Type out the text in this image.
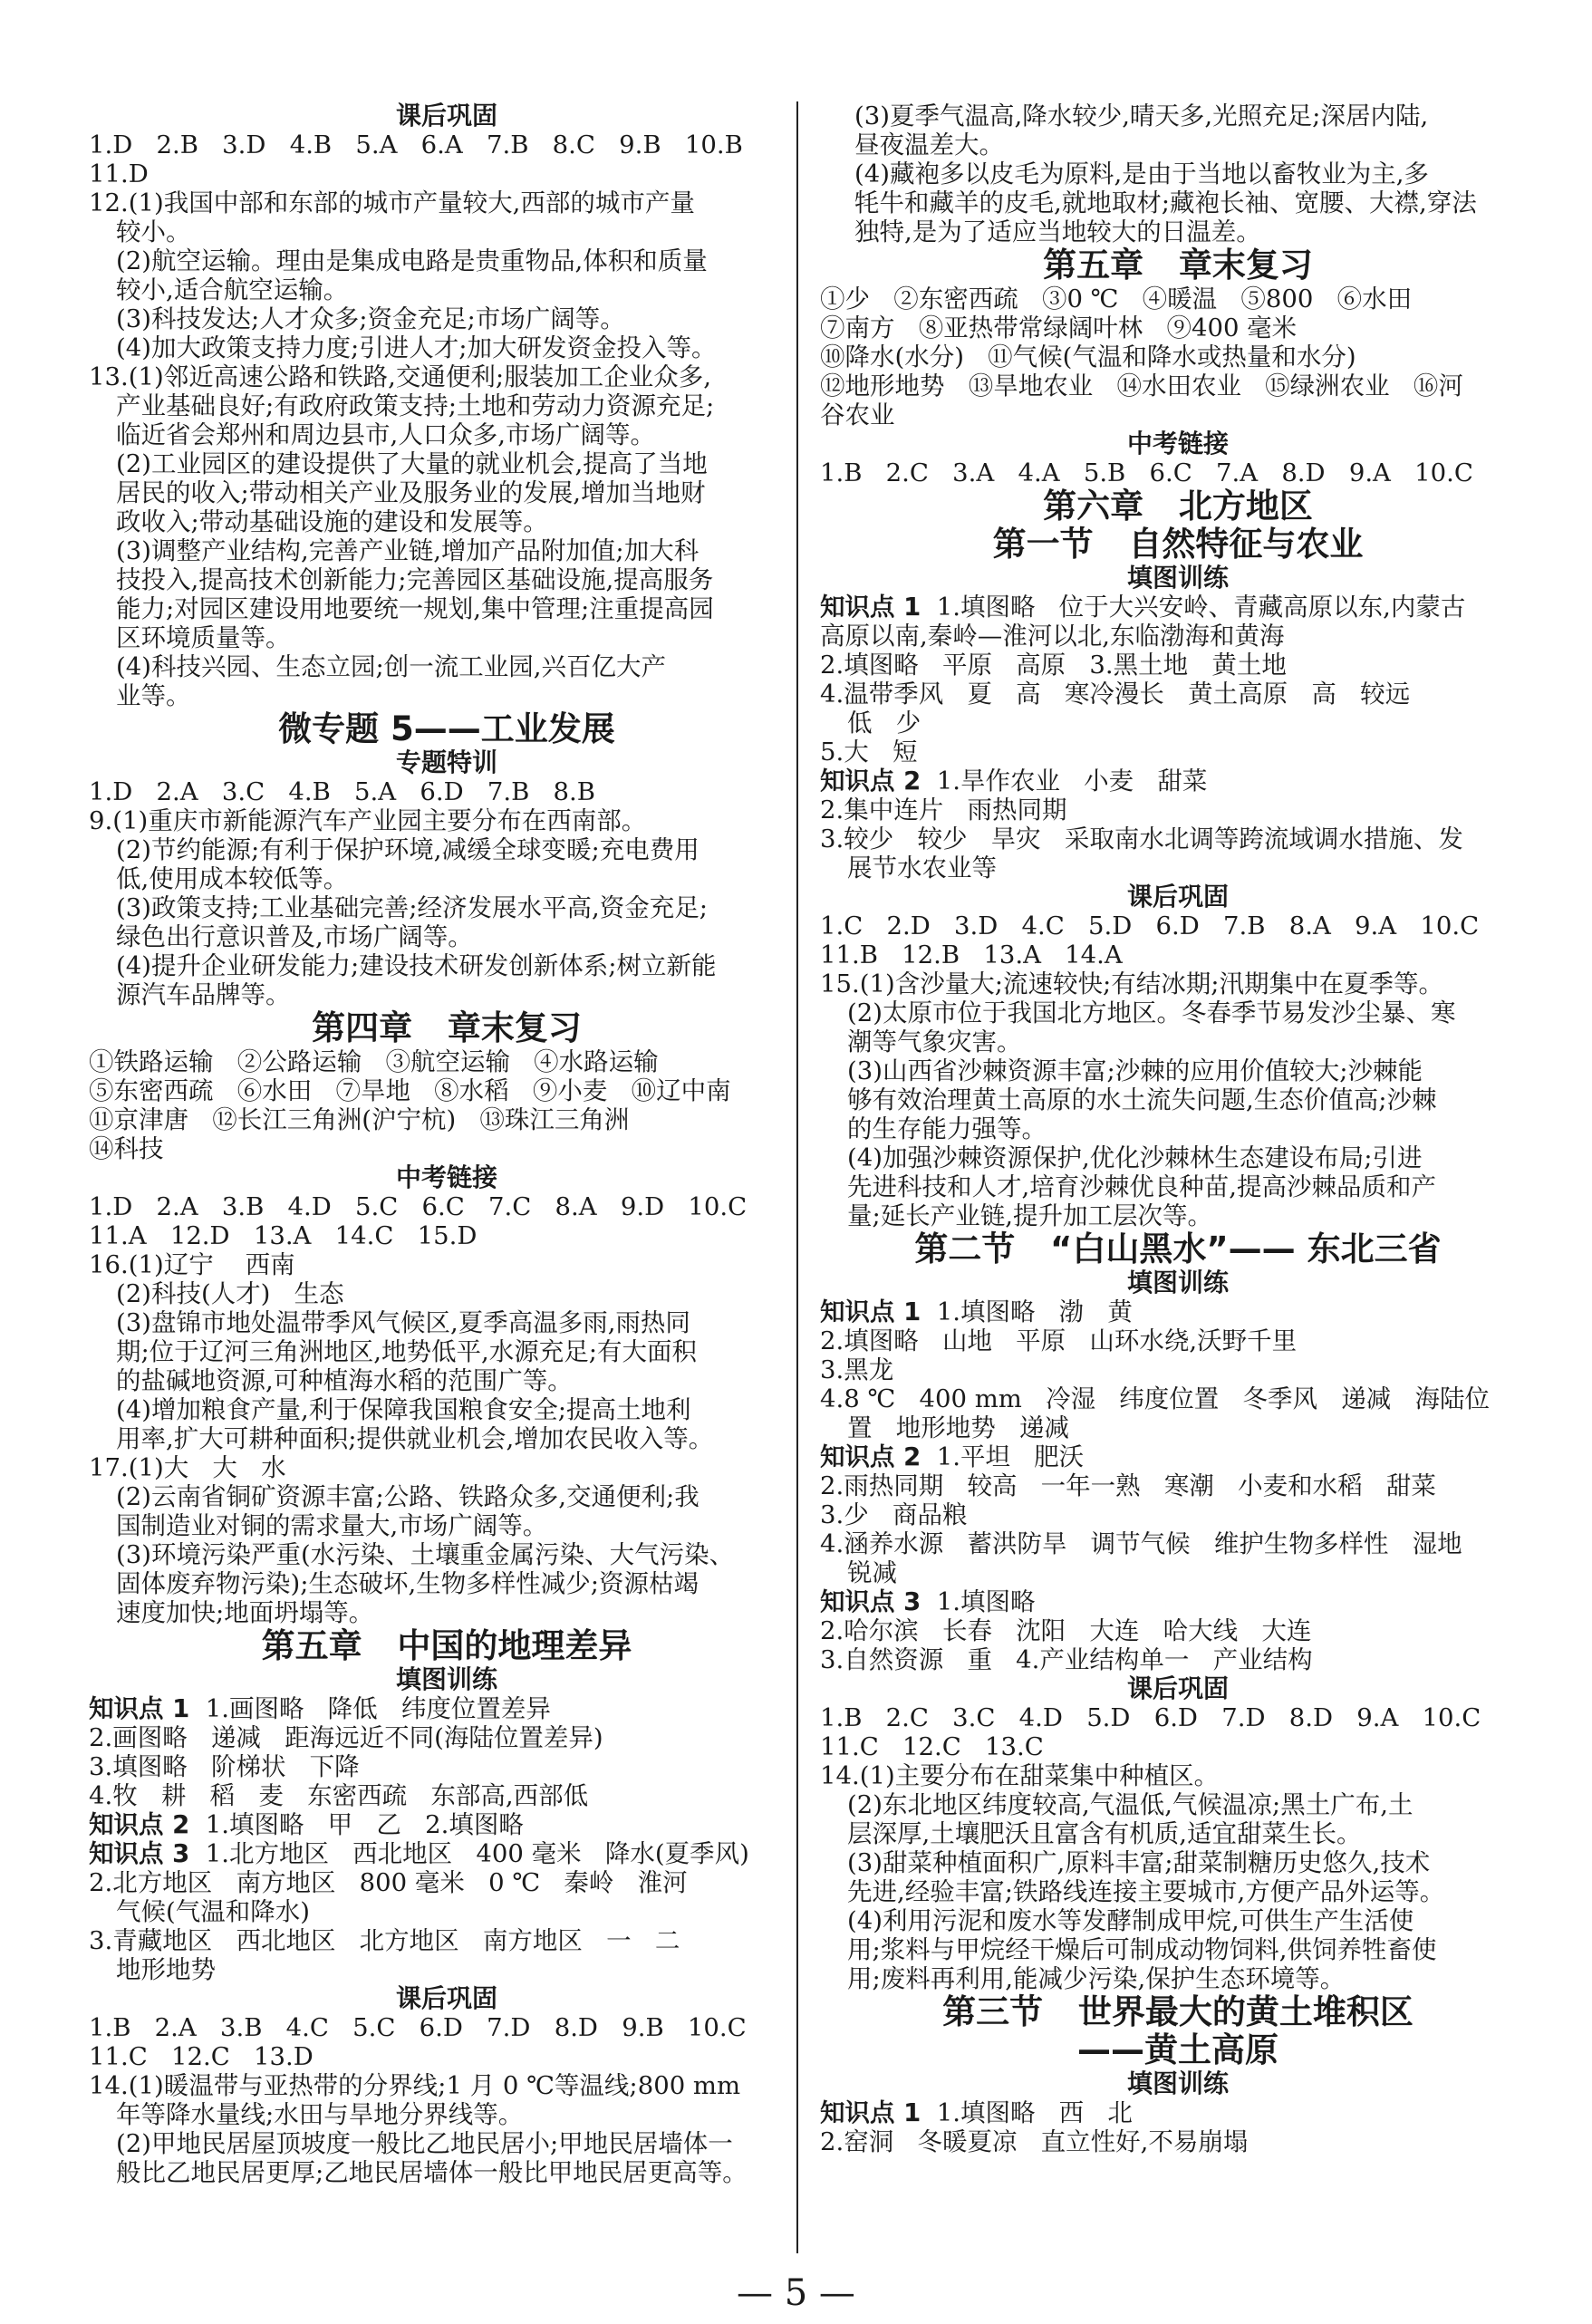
课后巩固
1.D   2.B   3.D   4.B   5.A   6.A   7.B   8.C   9.B   10.B
11.D
12.(1)我国中部和东部的城市产量较大,西部的城市产量
较小。
(2)航空运输。理由是集成电路是贵重物品,体积和质量
较小,适合航空运输。
(3)科技发达;人才众多;资金充足;市场广阔等。
(4)加大政策支持力度;引进人才;加大研发资金投入等。
13.(1)邻近高速公路和铁路,交通便利;服装加工企业众多,
产业基础良好;有政府政策支持;土地和劳动力资源充足;
临近省会郑州和周边县市,人口众多,市场广阔等。
(2)工业园区的建设提供了大量的就业机会,提高了当地
居民的收入;带动相关产业及服务业的发展,增加当地财
政收入;带动基础设施的建设和发展等。
(3)调整产业结构,完善产业链,增加产品附加值;加大科
技投入,提高技术创新能力;完善园区基础设施,提高服务
能力;对园区建设用地要统一规划,集中管理;注重提高园
区环境质量等。
(4)科技兴园、生态立园;创一流工业园,兴百亿大产
业等。
微专题 5——工业发展
专题特训
1.D   2.A   3.C   4.B   5.A   6.D   7.B   8.B
9.(1)重庆市新能源汽车产业园主要分布在西南部。
(2)节约能源;有利于保护环境,减缓全球变暖;充电费用
低,使用成本较低等。
(3)政策支持;工业基础完善;经济发展水平高,资金充足;
绿色出行意识普及,市场广阔等。
(4)提升企业研发能力;建设技术研发创新体系;树立新能
源汽车品牌等。
第四章   章末复习
①铁路运输   ②公路运输   ③航空运输   ④水路运输
⑤东密西疏   ⑥水田   ⑦旱地   ⑧水稻   ⑨小麦   ⑩辽中南
⑪京津唐   ⑫长江三角洲(沪宁杭)   ⑬珠江三角洲
⑭科技
中考链接
1.D   2.A   3.B   4.D   5.C   6.C   7.C   8.A   9.D   10.C
11.A   12.D   13.A   14.C   15.D
16.(1)辽宁    西南
(2)科技(人才)   生态
(3)盘锦市地处温带季风气候区,夏季高温多雨,雨热同
期;位于辽河三角洲地区,地势低平,水源充足;有大面积
的盐碱地资源,可种植海水稻的范围广等。
(4)增加粮食产量,利于保障我国粮食安全;提高土地利
用率,扩大可耕种面积;提供就业机会,增加农民收入等。
17.(1)大   大   水
(2)云南省铜矿资源丰富;公路、铁路众多,交通便利;我
国制造业对铜的需求量大,市场广阔等。
(3)环境污染严重(水污染、土壤重金属污染、大气污染、
固体废弃物污染);生态破坏,生物多样性减少;资源枯竭
速度加快;地面坍塌等。
第五章   中国的地理差异
填图训练
知识点 1  1.画图略   降低   纬度位置差异
2.画图略   递减   距海远近不同(海陆位置差异)
3.填图略   阶梯状   下降
4.牧   耕   稻   麦   东密西疏   东部高,西部低
知识点 2  1.填图略   甲   乙   2.填图略
知识点 3  1.北方地区   西北地区   400 毫米   降水(夏季风)
2.北方地区   南方地区   800 毫米   0 ℃   秦岭   淮河
气候(气温和降水)
3.青藏地区   西北地区   北方地区   南方地区   一   二
地形地势
课后巩固
1.B   2.A   3.B   4.C   5.C   6.D   7.D   8.D   9.B   10.C
11.C   12.C   13.D
14.(1)暖温带与亚热带的分界线;1 月 0 ℃等温线;800 mm
年等降水量线;水田与旱地分界线等。
(2)甲地民居屋顶坡度一般比乙地民居小;甲地民居墙体一
般比乙地民居更厚;乙地民居墙体一般比甲地民居更高等。
(3)夏季气温高,降水较少,晴天多,光照充足;深居内陆,
昼夜温差大。
(4)藏袍多以皮毛为原料,是由于当地以畜牧业为主,多
牦牛和藏羊的皮毛,就地取材;藏袍长袖、宽腰、大襟,穿法
独特,是为了适应当地较大的日温差。
第五章   章末复习
①少   ②东密西疏   ③0 ℃   ④暖温   ⑤800   ⑥水田
⑦南方   ⑧亚热带常绿阔叶林   ⑨400 毫米
⑩降水(水分)   ⑪气候(气温和降水或热量和水分)
⑫地形地势   ⑬旱地农业   ⑭水田农业   ⑮绿洲农业   ⑯河
谷农业
中考链接
1.B   2.C   3.A   4.A   5.B   6.C   7.A   8.D   9.A   10.C
第六章   北方地区
第一节   自然特征与农业
填图训练
知识点 1  1.填图略   位于大兴安岭、青藏高原以东,内蒙古
高原以南,秦岭—淮河以北,东临渤海和黄海
2.填图略   平原   高原   3.黑土地   黄土地
4.温带季风   夏   高   寒冷漫长   黄土高原   高   较远
低   少
5.大   短
知识点 2  1.旱作农业   小麦   甜菜
2.集中连片   雨热同期
3.较少   较少   旱灾   采取南水北调等跨流域调水措施、发
展节水农业等
课后巩固
1.C   2.D   3.D   4.C   5.D   6.D   7.B   8.A   9.A   10.C
11.B   12.B   13.A   14.A
15.(1)含沙量大;流速较快;有结冰期;汛期集中在夏季等。
(2)太原市位于我国北方地区。冬春季节易发沙尘暴、寒
潮等气象灾害。
(3)山西省沙棘资源丰富;沙棘的应用价值较大;沙棘能
够有效治理黄土高原的水土流失问题,生态价值高;沙棘
的生存能力强等。
(4)加强沙棘资源保护,优化沙棘林生态建设布局;引进
先进科技和人才,培育沙棘优良种苗,提高沙棘品质和产
量;延长产业链,提升加工层次等。
第二节   “白山黑水”—— 东北三省
填图训练
知识点 1  1.填图略   渤   黄
2.填图略   山地   平原   山环水绕,沃野千里
3.黑龙
4.8 ℃   400 mm   冷湿   纬度位置   冬季风   递减   海陆位
置   地形地势   递减
知识点 2  1.平坦   肥沃
2.雨热同期   较高   一年一熟   寒潮   小麦和水稻   甜菜
3.少   商品粮
4.涵养水源   蓄洪防旱   调节气候   维护生物多样性   湿地
锐减
知识点 3  1.填图略
2.哈尔滨   长春   沈阳   大连   哈大线   大连
3.自然资源   重   4.产业结构单一   产业结构
课后巩固
1.B   2.C   3.C   4.D   5.D   6.D   7.D   8.D   9.A   10.C
11.C   12.C   13.C
14.(1)主要分布在甜菜集中种植区。
(2)东北地区纬度较高,气温低,气候温凉;黑土广布,土
层深厚,土壤肥沃且富含有机质,适宜甜菜生长。
(3)甜菜种植面积广,原料丰富;甜菜制糖历史悠久,技术
先进,经验丰富;铁路线连接主要城市,方便产品外运等。
(4)利用污泥和废水等发酵制成甲烷,可供生产生活使
用;浆料与甲烷经干燥后可制成动物饲料,供饲养牲畜使
用;废料再利用,能减少污染,保护生态环境等。
第三节   世界最大的黄土堆积区
——黄土高原
填图训练
知识点 1  1.填图略   西   北
2.窑洞   冬暖夏凉   直立性好,不易崩塌
— 5 —
